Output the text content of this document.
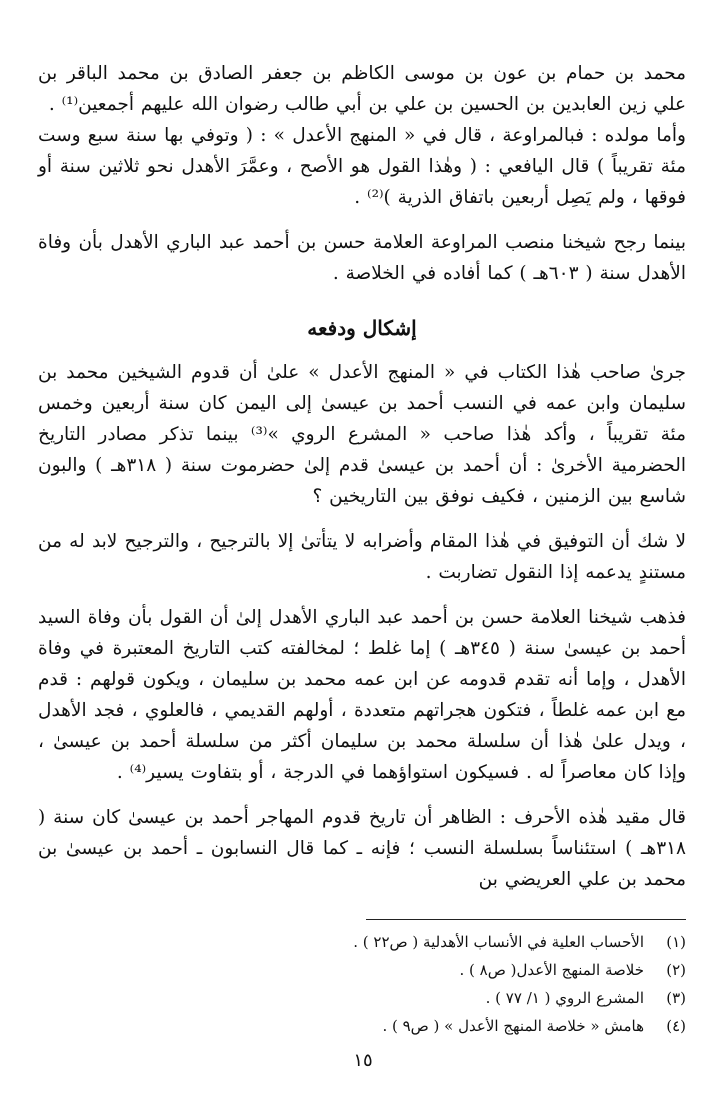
محمد بن حمام بن عون بن موسى الكاظم بن جعفر الصادق بن محمد الباقر بن علي زين العابدين بن الحسين بن علي بن أبي طالب رضوان الله عليهم أجمعين⁽¹⁾ .

وأما مولده : فبالمراوعة ، قال في « المنهج الأعدل » : ( وتوفي بها سنة سبع وست مئة تقريباً ) قال اليافعي : ( وهٰذا القول هو الأصح ، وعمَّرَ الأهدل نحو ثلاثين سنة أو فوقها ، ولم يَصِل أربعين باتفاق الذرية )⁽²⁾ .

بينما رجح شيخنا منصب المراوعة العلامة حسن بن أحمد عبد الباري الأهدل بأن وفاة الأهدل سنة ( ٦٠٣هـ ) كما أفاده في الخلاصة .

إشكال ودفعه

جرىٰ صاحب هٰذا الكتاب في « المنهج الأعدل » علىٰ أن قدوم الشيخين محمد بن سليمان وابن عمه في النسب أحمد بن عيسىٰ إلى اليمن كان سنة أربعين وخمس مئة تقريباً ، وأكد هٰذا صاحب « المشرع الروي »⁽³⁾ بينما تذكر مصادر التاريخ الحضرمية الأخرىٰ : أن أحمد بن عيسىٰ قدم إلىٰ حضرموت سنة ( ٣١٨هـ ) والبون شاسع بين الزمنين ، فكيف نوفق بين التاريخين ؟

لا شك أن التوفيق في هٰذا المقام وأضرابه لا يتأتىٰ إلا بالترجيح ، والترجيح لابد له من مستندٍ يدعمه إذا النقول تضاربت .

فذهب شيخنا العلامة حسن بن أحمد عبد الباري الأهدل إلىٰ أن القول بأن وفاة السيد أحمد بن عيسىٰ سنة ( ٣٤٥هـ ) إما غلط ؛ لمخالفته كتب التاريخ المعتبرة في وفاة الأهدل ، وإما أنه تقدم قدومه عن ابن عمه محمد بن سليمان ، ويكون قولهم : قدم مع ابن عمه غلطاً ، فتكون هجراتهم متعددة ، أولهم القديمي ، فالعلوي ، فجد الأهدل ، ويدل علىٰ هٰذا أن سلسلة محمد بن سليمان أكثر من سلسلة أحمد بن عيسىٰ ، وإذا كان معاصراً له . فسيكون استواؤهما في الدرجة ، أو بتفاوت يسير⁽⁴⁾ .

قال مقيد هٰذه الأحرف : الظاهر أن تاريخ قدوم المهاجر أحمد بن عيسىٰ كان سنة ( ٣١٨هـ ) استئناساً بسلسلة النسب ؛ فإنه ـ كما قال النسابون ـ أحمد بن عيسىٰ بن محمد بن علي العريضي بن

(١)
الأحساب العلية في الأنساب الأهدلية ( ص٢٢ ) .
(٢)
خلاصة المنهج الأعدل( ص٨ ) .
(٣)
المشرع الروي ( ١/ ٧٧ ) .
(٤)
هامش « خلاصة المنهج الأعدل » ( ص٩ ) .
١٥
